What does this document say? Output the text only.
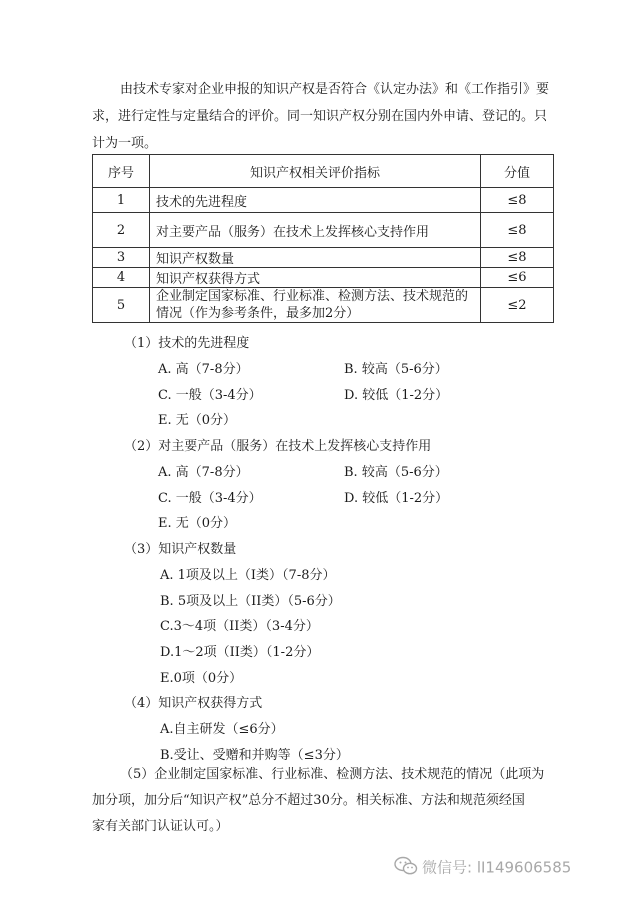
由技术专家对企业申报的知识产权是否符合《认定办法》和《工作指引》要
求，进行定性与定量结合的评价。同一知识产权分别在国内外申请、登记的。只
计为一项。
序号	知识产权相关评价指标	分值
1	技术的先进程度	≤8
2	对主要产品（服务）在技术上发挥核心支持作用	≤8
3	知识产权数量	≤8
4	知识产权获得方式	≤6
5	企业制定国家标准、行业标准、检测方法、技术规范的情况（作为参考条件，最多加2分）	≤2
（1）技术的先进程度
A. 高（7-8分）	B. 较高（5-6分）
C. 一般（3-4分）	D. 较低（1-2分）
E. 无（0分）
（2）对主要产品（服务）在技术上发挥核心支持作用
A. 高（7-8分）	B. 较高（5-6分）
C. 一般（3-4分）	D. 较低（1-2分）
E. 无（0分）
（3）知识产权数量
A. 1项及以上（I类）（7-8分）
B. 5项及以上（II类）（5-6分）
C.3～4项（II类）（3-4分）
D.1～2项（II类）（1-2分）
E.0项（0分）
（4）知识产权获得方式
A.自主研发（≤6分）
B.受让、受赠和并购等（≤3分）
（5）企业制定国家标准、行业标准、检测方法、技术规范的情况（此项为
加分项，加分后“知识产权”总分不超过30分。相关标准、方法和规范须经国
家有关部门认证认可。）
微信号: lI149606585
